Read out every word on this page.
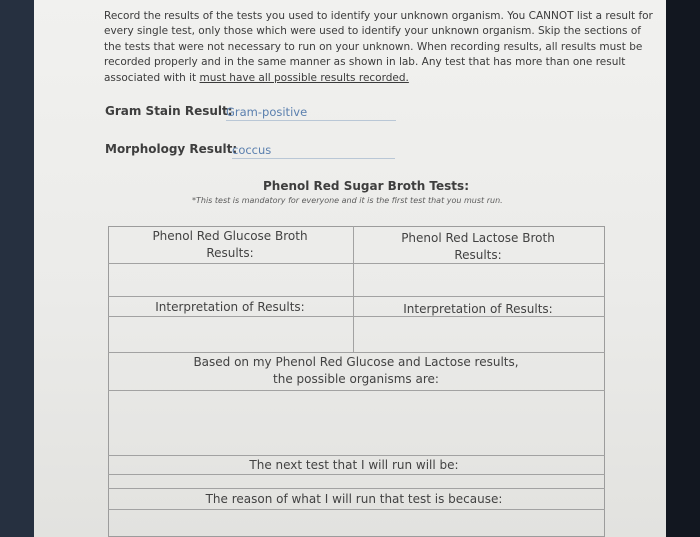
Record the results of the tests you used to identify your unknown organism. You CANNOT list a result for every single test, only those which were used to identify your unknown organism. Skip the sections of the tests that were not necessary to run on your unknown. When recording results, all results must be recorded properly and in the same manner as shown in lab. Any test that has more than one result associated with it must have all possible results recorded.
Gram Stain Result:
Gram-positive
Morphology Result:
coccus
Phenol Red Sugar Broth Tests:
*This test is mandatory for everyone and it is the first test that you must run.
Phenol Red Glucose Broth Results:
Phenol Red Lactose Broth Results:
Interpretation of Results:	Interpretation of Results:
Based on my Phenol Red Glucose and Lactose results, the possible organisms are:
The next test that I will run will be:
The reason of what I will run that test is because:
